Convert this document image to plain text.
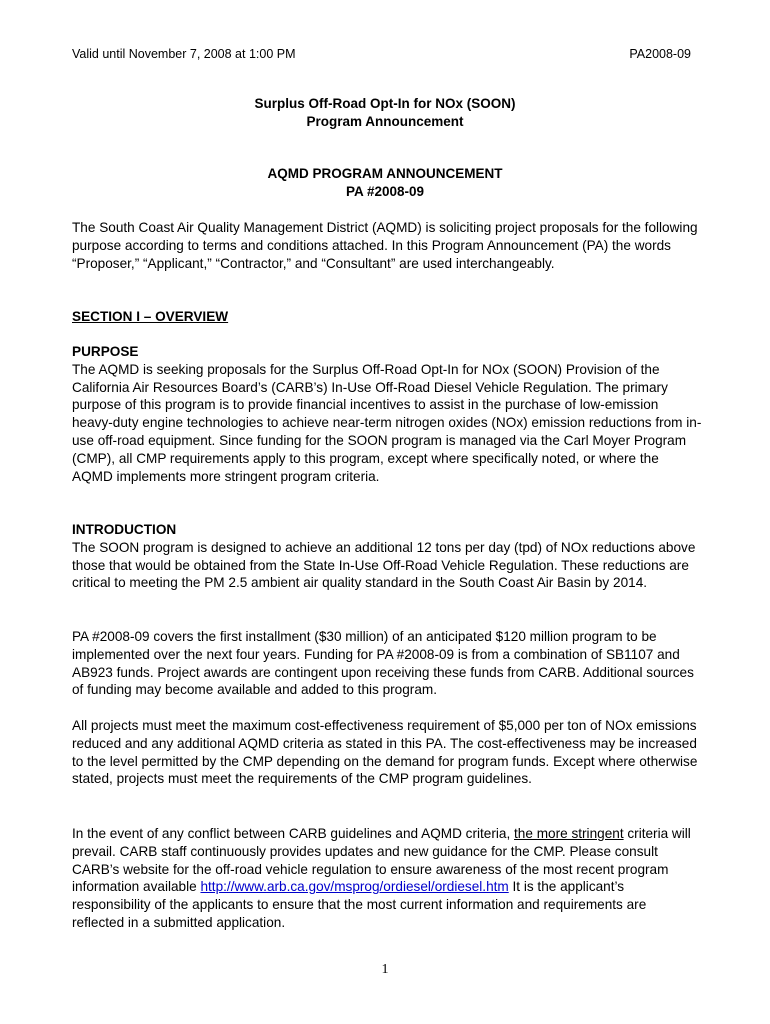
Valid until November 7, 2008 at 1:00 PM	PA2008-09
Surplus Off-Road Opt-In for NOx (SOON)
Program Announcement
AQMD PROGRAM ANNOUNCEMENT
PA #2008-09

The South Coast Air Quality Management District (AQMD) is soliciting project proposals for the following purpose according to terms and conditions attached. In this Program Announcement (PA) the words “Proposer,” “Applicant,” “Contractor,” and “Consultant” are used interchangeably.

SECTION I – OVERVIEW

PURPOSE

The AQMD is seeking proposals for the Surplus Off-Road Opt-In for NOx (SOON) Provision of the California Air Resources Board’s (CARB’s) In-Use Off-Road Diesel Vehicle Regulation. The primary purpose of this program is to provide financial incentives to assist in the purchase of low-emission heavy-duty engine technologies to achieve near-term nitrogen oxides (NOx) emission reductions from in-use off-road equipment. Since funding for the SOON program is managed via the Carl Moyer Program (CMP), all CMP requirements apply to this program, except where specifically noted, or where the AQMD implements more stringent program criteria.

INTRODUCTION

The SOON program is designed to achieve an additional 12 tons per day (tpd) of NOx reductions above those that would be obtained from the State In-Use Off-Road Vehicle Regulation. These reductions are critical to meeting the PM 2.5 ambient air quality standard in the South Coast Air Basin by 2014.

PA #2008-09 covers the first installment ($30 million) of an anticipated $120 million program to be implemented over the next four years. Funding for PA #2008-09 is from a combination of SB1107 and AB923 funds. Project awards are contingent upon receiving these funds from CARB. Additional sources of funding may become available and added to this program.

All projects must meet the maximum cost-effectiveness requirement of $5,000 per ton of NOx emissions reduced and any additional AQMD criteria as stated in this PA. The cost-effectiveness may be increased to the level permitted by the CMP depending on the demand for program funds. Except where otherwise stated, projects must meet the requirements of the CMP program guidelines.

In the event of any conflict between CARB guidelines and AQMD criteria, the more stringent criteria will prevail. CARB staff continuously provides updates and new guidance for the CMP. Please consult CARB’s website for the off-road vehicle regulation to ensure awareness of the most recent program information available http://www.arb.ca.gov/msprog/ordiesel/ordiesel.htm It is the applicant’s responsibility of the applicants to ensure that the most current information and requirements are reflected in a submitted application.

1
